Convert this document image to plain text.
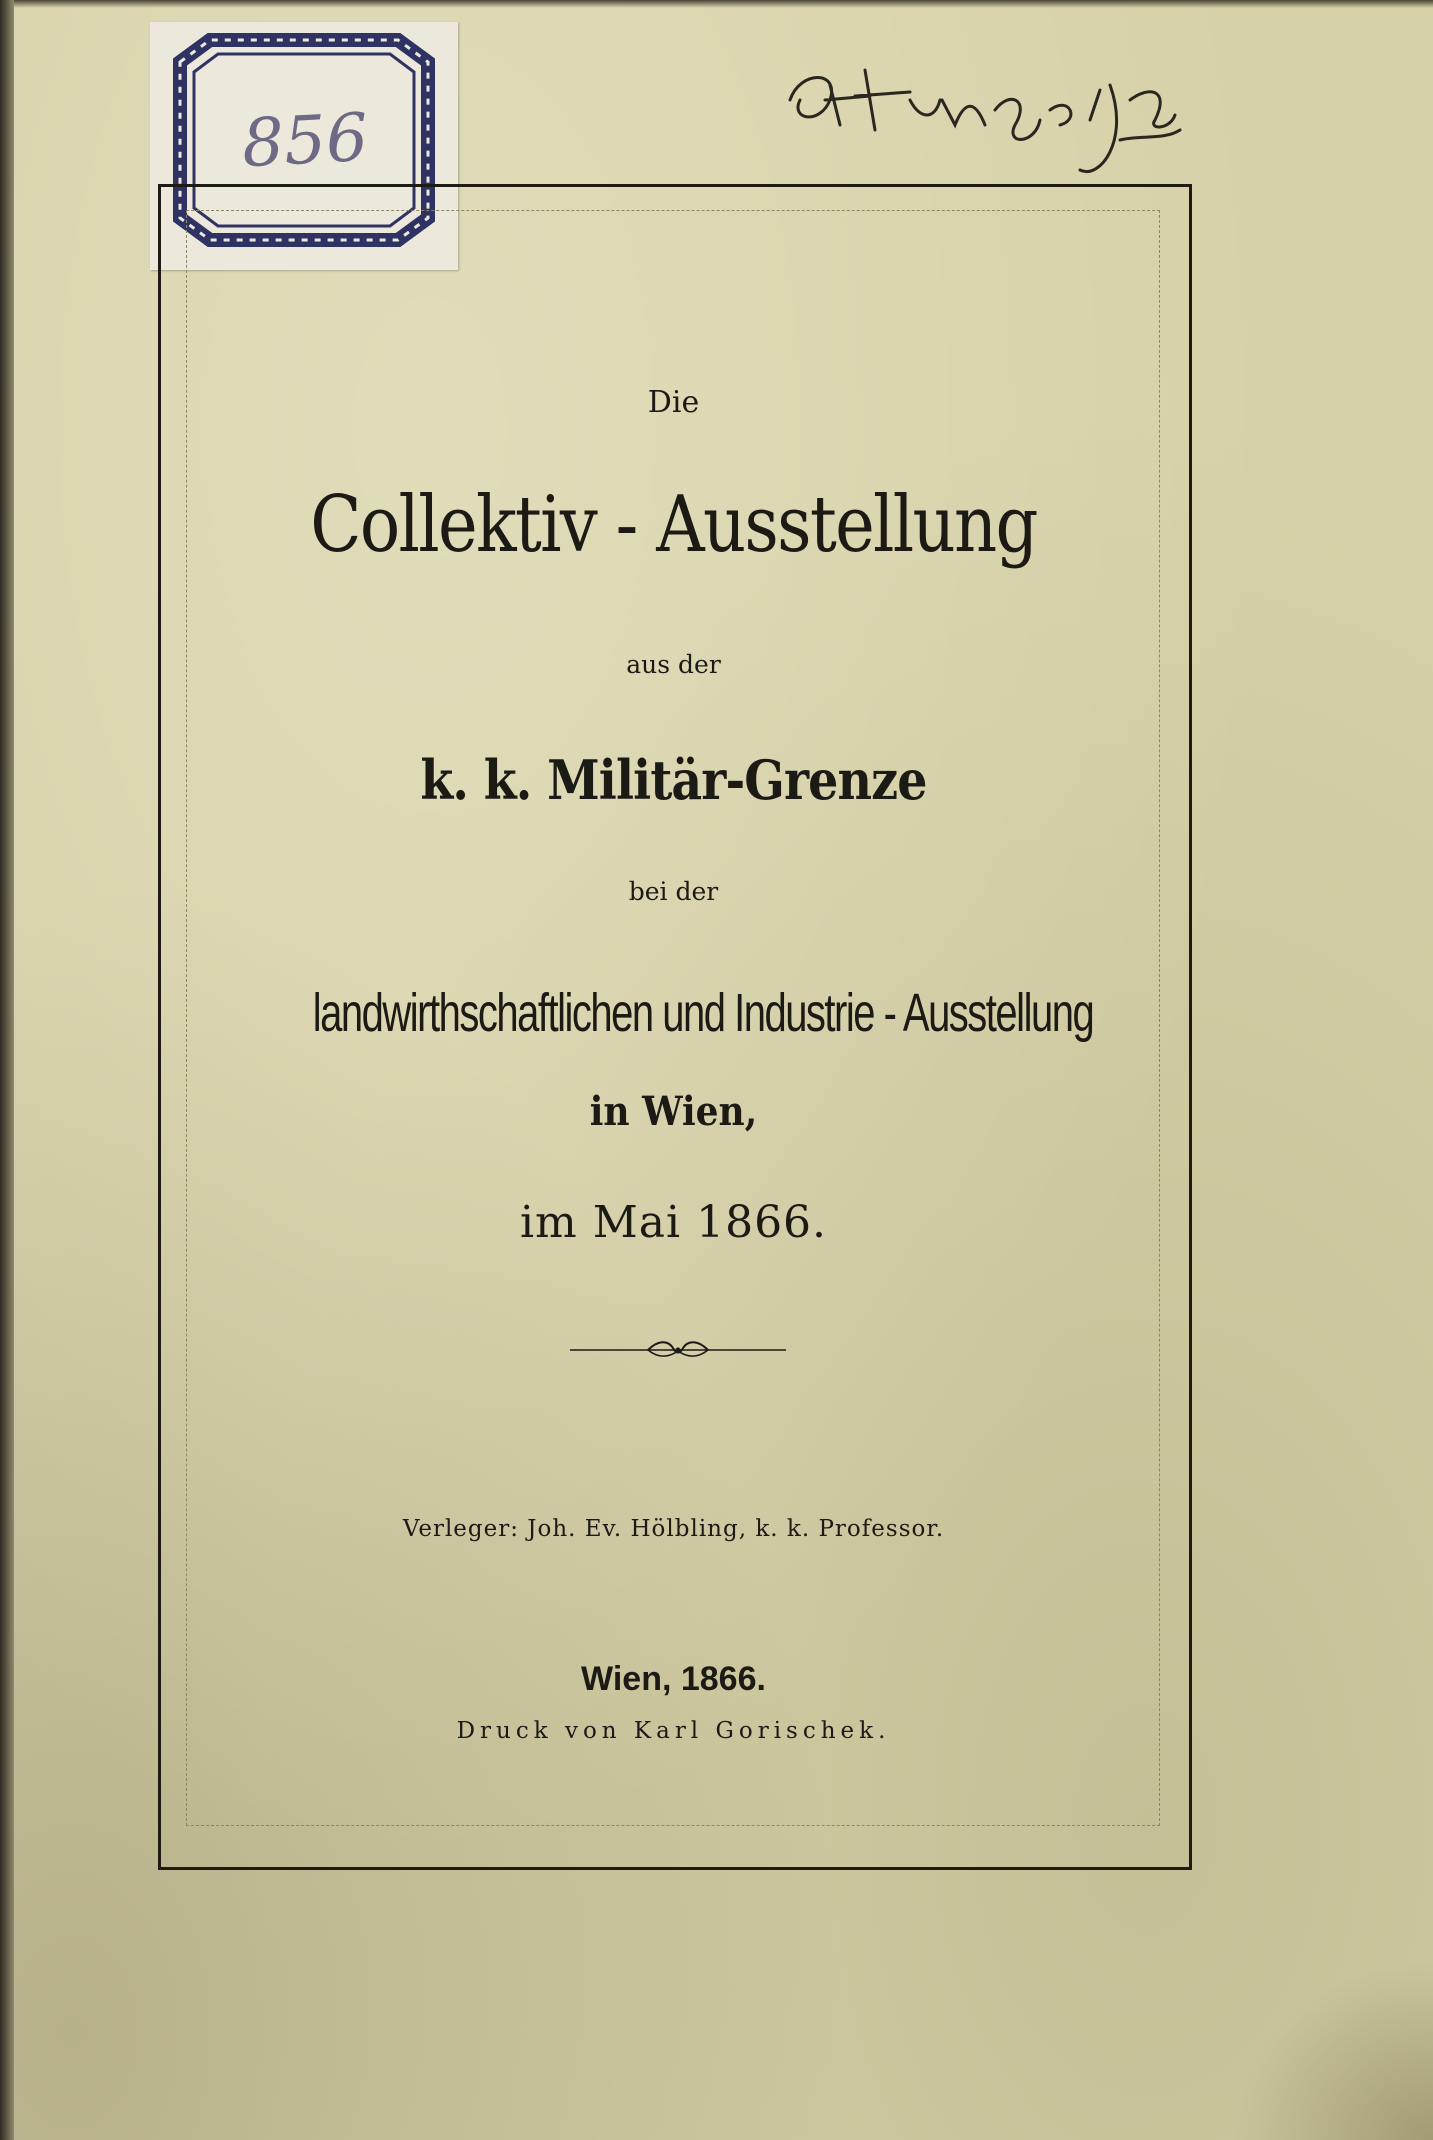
856
Die
Collektiv - Ausstellung
aus der
k. k. Militär-Grenze
bei der
landwirthschaftlichen und Industrie - Ausstellung
in Wien,
im Mai 1866.
Verleger: Joh. Ev. Hölbling, k. k. Professor.
Wien, 1866.
Druck von Karl Gorischek.
